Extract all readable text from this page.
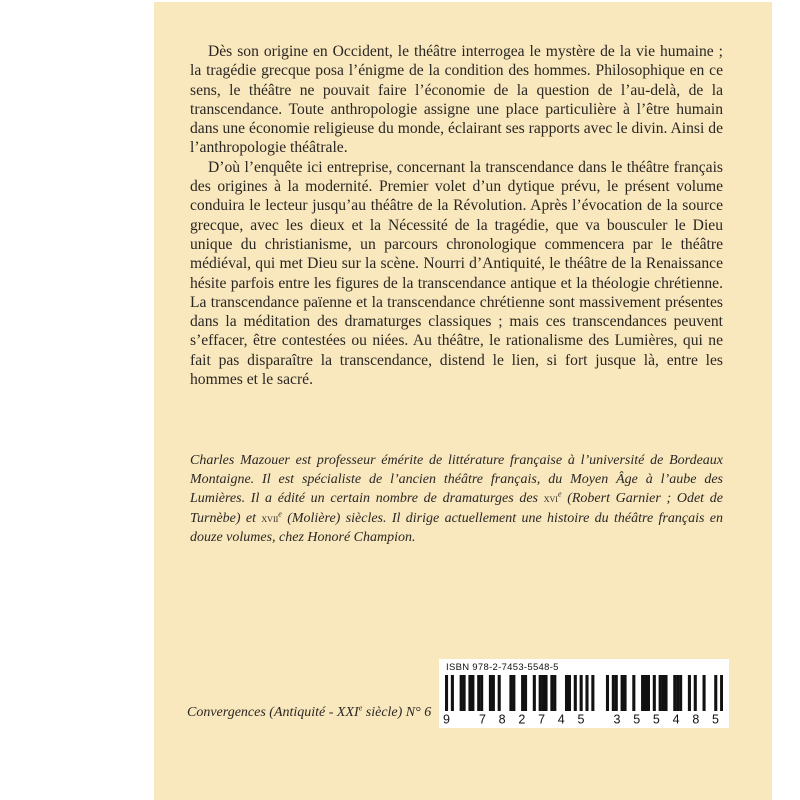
Dès son origine en Occident, le théâtre interrogea le mystère de la vie humaine ; la tragédie grecque posa l’énigme de la condition des hommes. Philosophique en ce sens, le théâtre ne pouvait faire l’économie de la question de l’au-delà, de la transcendance. Toute anthropologie assigne une place particulière à l’être humain dans une économie religieuse du monde, éclairant ses rapports avec le divin. Ainsi de l’anthropologie théâtrale.

D’où l’enquête ici entreprise, concernant la transcendance dans le théâtre français des origines à la modernité. Premier volet d’un dytique prévu, le présent volume conduira le lecteur jusqu’au théâtre de la Révolution. Après l’évocation de la source grecque, avec les dieux et la Nécessité de la tragédie, que va bousculer le Dieu unique du christianisme, un parcours chronologique commencera par le théâtre médiéval, qui met Dieu sur la scène. Nourri d’Antiquité, le théâtre de la Renaissance hésite parfois entre les figures de la transcendance antique et la théologie chrétienne. La transcendance païenne et la transcendance chrétienne sont massivement présentes dans la méditation des dramaturges classiques ; mais ces transcendances peuvent s’effacer, être contestées ou niées. Au théâtre, le rationalisme des Lumières, qui ne fait pas disparaître la transcendance, distend le lien, si fort jusque là, entre les hommes et le sacré.

Charles Mazouer est professeur émérite de littérature française à l’université de Bordeaux Montaigne. Il est spécialiste de l’ancien théâtre français, du Moyen Âge à l’aube des Lumières. Il a édité un certain nombre de dramaturges des xvi$^e$ (Robert Garnier ; Odet de Turnèbe) et xvii$^e$ (Molière) siècles. Il dirige actuellement une histoire du théâtre français en douze volumes, chez Honoré Champion.

Convergences (Antiquité - XXIe siècle) N° 6
ISBN 978-2-7453-5548-5
9 782745 355485
